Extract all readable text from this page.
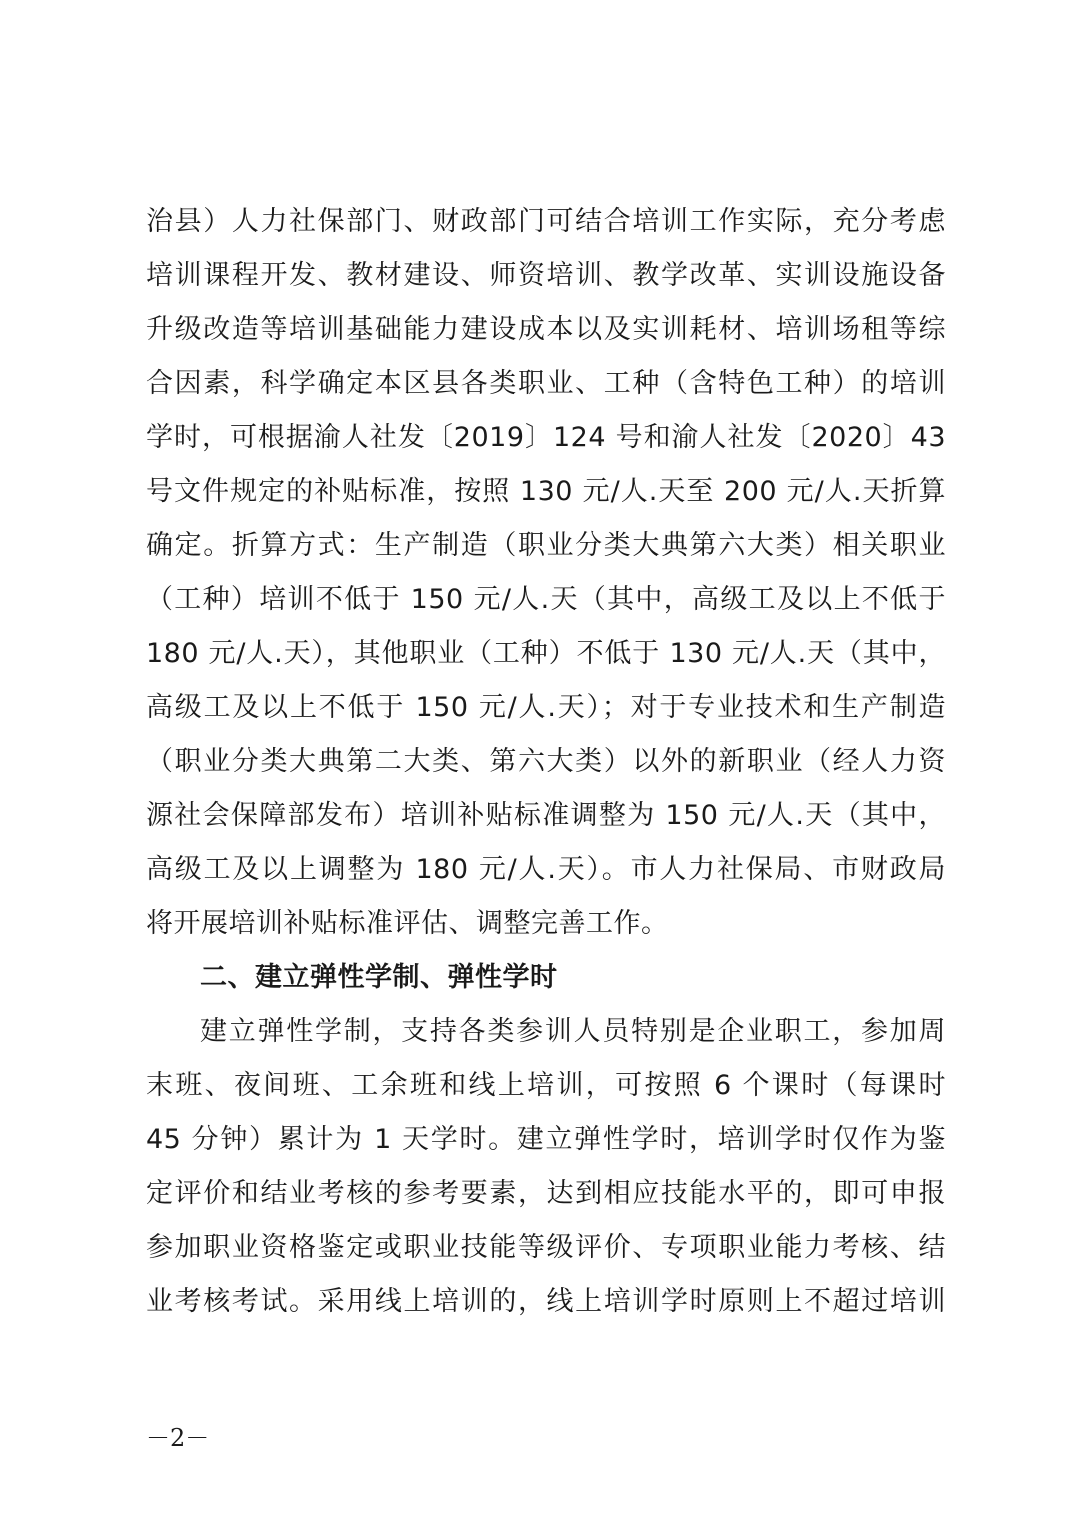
治县）人力社保部门、财政部门可结合培训工作实际，充分考虑
培训课程开发、教材建设、师资培训、教学改革、实训设施设备
升级改造等培训基础能力建设成本以及实训耗材、培训场租等综
合因素，科学确定本区县各类职业、工种（含特色工种）的培训
学时，可根据渝人社发〔2019〕124 号和渝人社发〔2020〕43
号文件规定的补贴标准，按照 130 元/人.天至 200 元/人.天折算
确定。折算方式：生产制造（职业分类大典第六大类）相关职业
（工种）培训不低于 150 元/人.天（其中，高级工及以上不低于
180 元/人.天），其他职业（工种）不低于 130 元/人.天（其中，
高级工及以上不低于 150 元/人.天）；对于专业技术和生产制造
（职业分类大典第二大类、第六大类）以外的新职业（经人力资
源社会保障部发布）培训补贴标准调整为 150 元/人.天（其中，
高级工及以上调整为 180 元/人.天）。市人力社保局、市财政局
将开展培训补贴标准评估、调整完善工作。
二、建立弹性学制、弹性学时
建立弹性学制，支持各类参训人员特别是企业职工，参加周
末班、夜间班、工余班和线上培训，可按照 6 个课时（每课时
45 分钟）累计为 1 天学时。建立弹性学时，培训学时仅作为鉴
定评价和结业考核的参考要素，达到相应技能水平的，即可申报
参加职业资格鉴定或职业技能等级评价、专项职业能力考核、结
业考核考试。采用线上培训的，线上培训学时原则上不超过培训
－2－
